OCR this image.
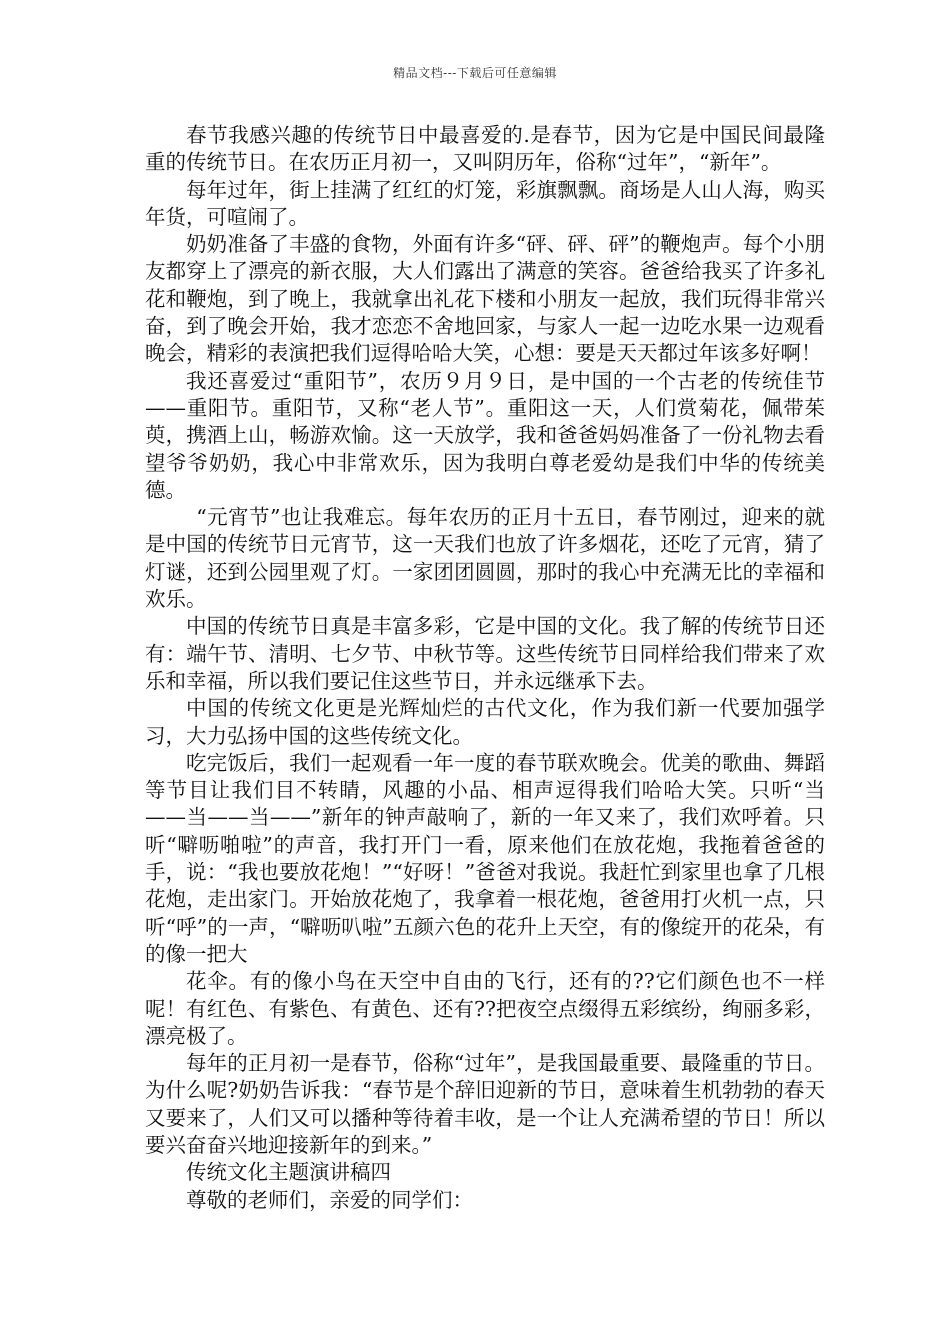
精品文档---下载后可任意编辑

春节我感兴趣的传统节日中最喜爱的.是春节，因为它是中国民间最隆重的传统节日。在农历正月初一，又叫阴历年，俗称“过年”，“新年”。

每年过年，街上挂满了红红的灯笼，彩旗飘飘。商场是人山人海，购买年货，可喧闹了。

奶奶准备了丰盛的食物，外面有许多“砰、砰、砰”的鞭炮声。每个小朋友都穿上了漂亮的新衣服，大人们露出了满意的笑容。爸爸给我买了许多礼花和鞭炮，到了晚上，我就拿出礼花下楼和小朋友一起放，我们玩得非常兴奋，到了晚会开始，我才恋恋不舍地回家，与家人一起一边吃水果一边观看晚会，精彩的表演把我们逗得哈哈大笑，心想：要是天天都过年该多好啊！

我还喜爱过“重阳节”，农历９月９日，是中国的一个古老的传统佳节——重阳节。重阳节，又称“老人节”。重阳这一天，人们赏菊花，佩带茱萸，携酒上山，畅游欢愉。这一天放学，我和爸爸妈妈准备了一份礼物去看望爷爷奶奶，我心中非常欢乐，因为我明白尊老爱幼是我们中华的传统美德。

“元宵节”也让我难忘。每年农历的正月十五日，春节刚过，迎来的就是中国的传统节日元宵节，这一天我们也放了许多烟花，还吃了元宵，猜了灯谜，还到公园里观了灯。一家团团圆圆，那时的我心中充满无比的幸福和欢乐。

中国的传统节日真是丰富多彩，它是中国的文化。我了解的传统节日还有：端午节、清明、七夕节、中秋节等。这些传统节日同样给我们带来了欢乐和幸福，所以我们要记住这些节日，并永远继承下去。

中国的传统文化更是光辉灿烂的古代文化，作为我们新一代要加强学习，大力弘扬中国的这些传统文化。

吃完饭后，我们一起观看一年一度的春节联欢晚会。优美的歌曲、舞蹈等节目让我们目不转睛，风趣的小品、相声逗得我们哈哈大笑。只听“当——当——当——”新年的钟声敲响了，新的一年又来了，我们欢呼着。只听“噼呖啪啦”的声音，我打开门一看，原来他们在放花炮，我拖着爸爸的手，说：“我也要放花炮！”“好呀！”爸爸对我说。我赶忙到家里也拿了几根花炮，走出家门。开始放花炮了，我拿着一根花炮，爸爸用打火机一点，只听“呼”的一声，“噼呖叭啦”五颜六色的花升上天空，有的像绽开的花朵，有的像一把大

花伞。有的像小鸟在天空中自由的飞行，还有的??它们颜色也不一样呢！有红色、有紫色、有黄色、还有??把夜空点缀得五彩缤纷，绚丽多彩，漂亮极了。

每年的正月初一是春节，俗称“过年”，是我国最重要、最隆重的节日。为什么呢?奶奶告诉我：“春节是个辞旧迎新的节日，意味着生机勃勃的春天又要来了，人们又可以播种等待着丰收，是一个让人充满希望的节日！所以要兴奋奋兴地迎接新年的到来。”

传统文化主题演讲稿四

尊敬的老师们，亲爱的同学们：
